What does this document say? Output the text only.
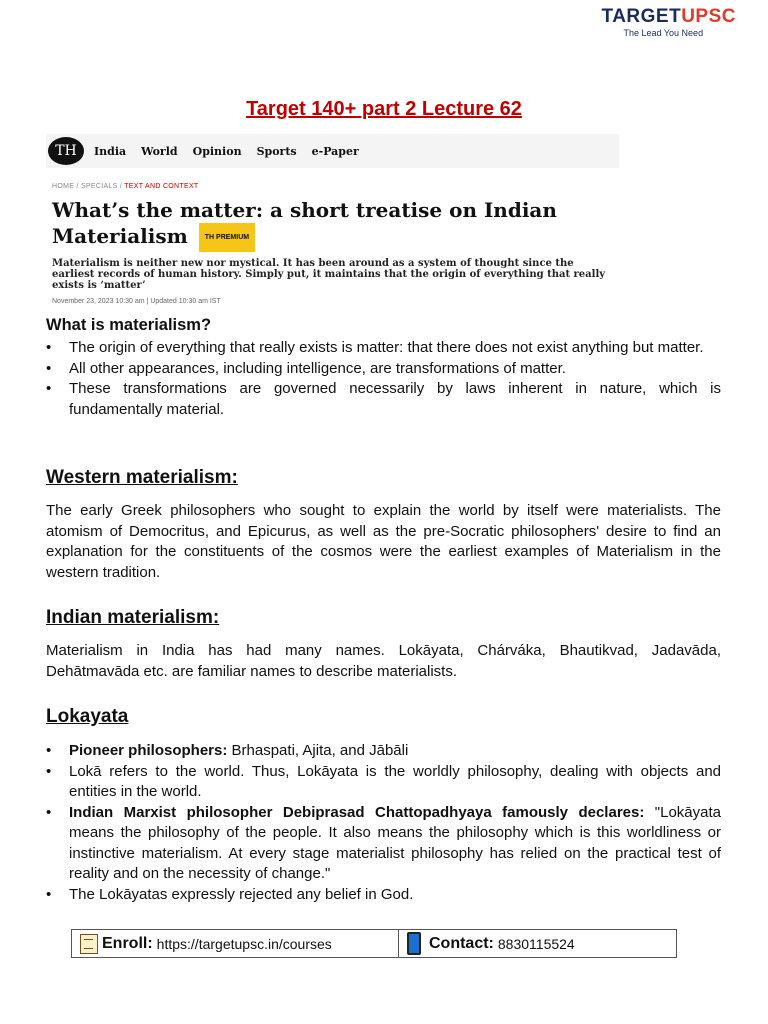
TARGETUPSC
The Lead You Need
Target 140+ part 2 Lecture 62
TH	India World Opinion Sports e-Paper
HOME / SPECIALS / TEXT AND CONTEXT
What’s the matter: a short treatise on Indian
Materialism TH PREMIUM
Materialism is neither new nor mystical. It has been around as a system of thought since the earliest records of human history. Simply put, it maintains that the origin of everything that really exists is ‘matter’
November 23, 2023 10:30 am | Updated 10:30 am IST
What is materialism?
• The origin of everything that really exists is matter: that there does not exist anything but matter.
• All other appearances, including intelligence, are transformations of matter.
• These transformations are governed necessarily by laws inherent in nature, which is fundamentally material.
Western materialism:

The early Greek philosophers who sought to explain the world by itself were materialists. The atomism of Democritus, and Epicurus, as well as the pre-Socratic philosophers' desire to find an explanation for the constituents of the cosmos were the earliest examples of Materialism in the western tradition.

Indian materialism:

Materialism in India has had many names. Lokāyata, Chárváka, Bhautikvad, Jadavāda, Dehātmavāda etc. are familiar names to describe materialists.

Lokayata
• Pioneer philosophers: Brhaspati, Ajita, and Jābāli
• Lokā refers to the world. Thus, Lokāyata is the worldly philosophy, dealing with objects and entities in the world.
• Indian Marxist philosopher Debiprasad Chattopadhyaya famously declares: "Lokāyata means the philosophy of the people. It also means the philosophy which is this worldliness or instinctive materialism. At every stage materialist philosophy has relied on the practical test of reality and on the necessity of change."
• The Lokāyatas expressly rejected any belief in God.
Enroll: https://targetupsc.in/courses	Contact: 8830115524
